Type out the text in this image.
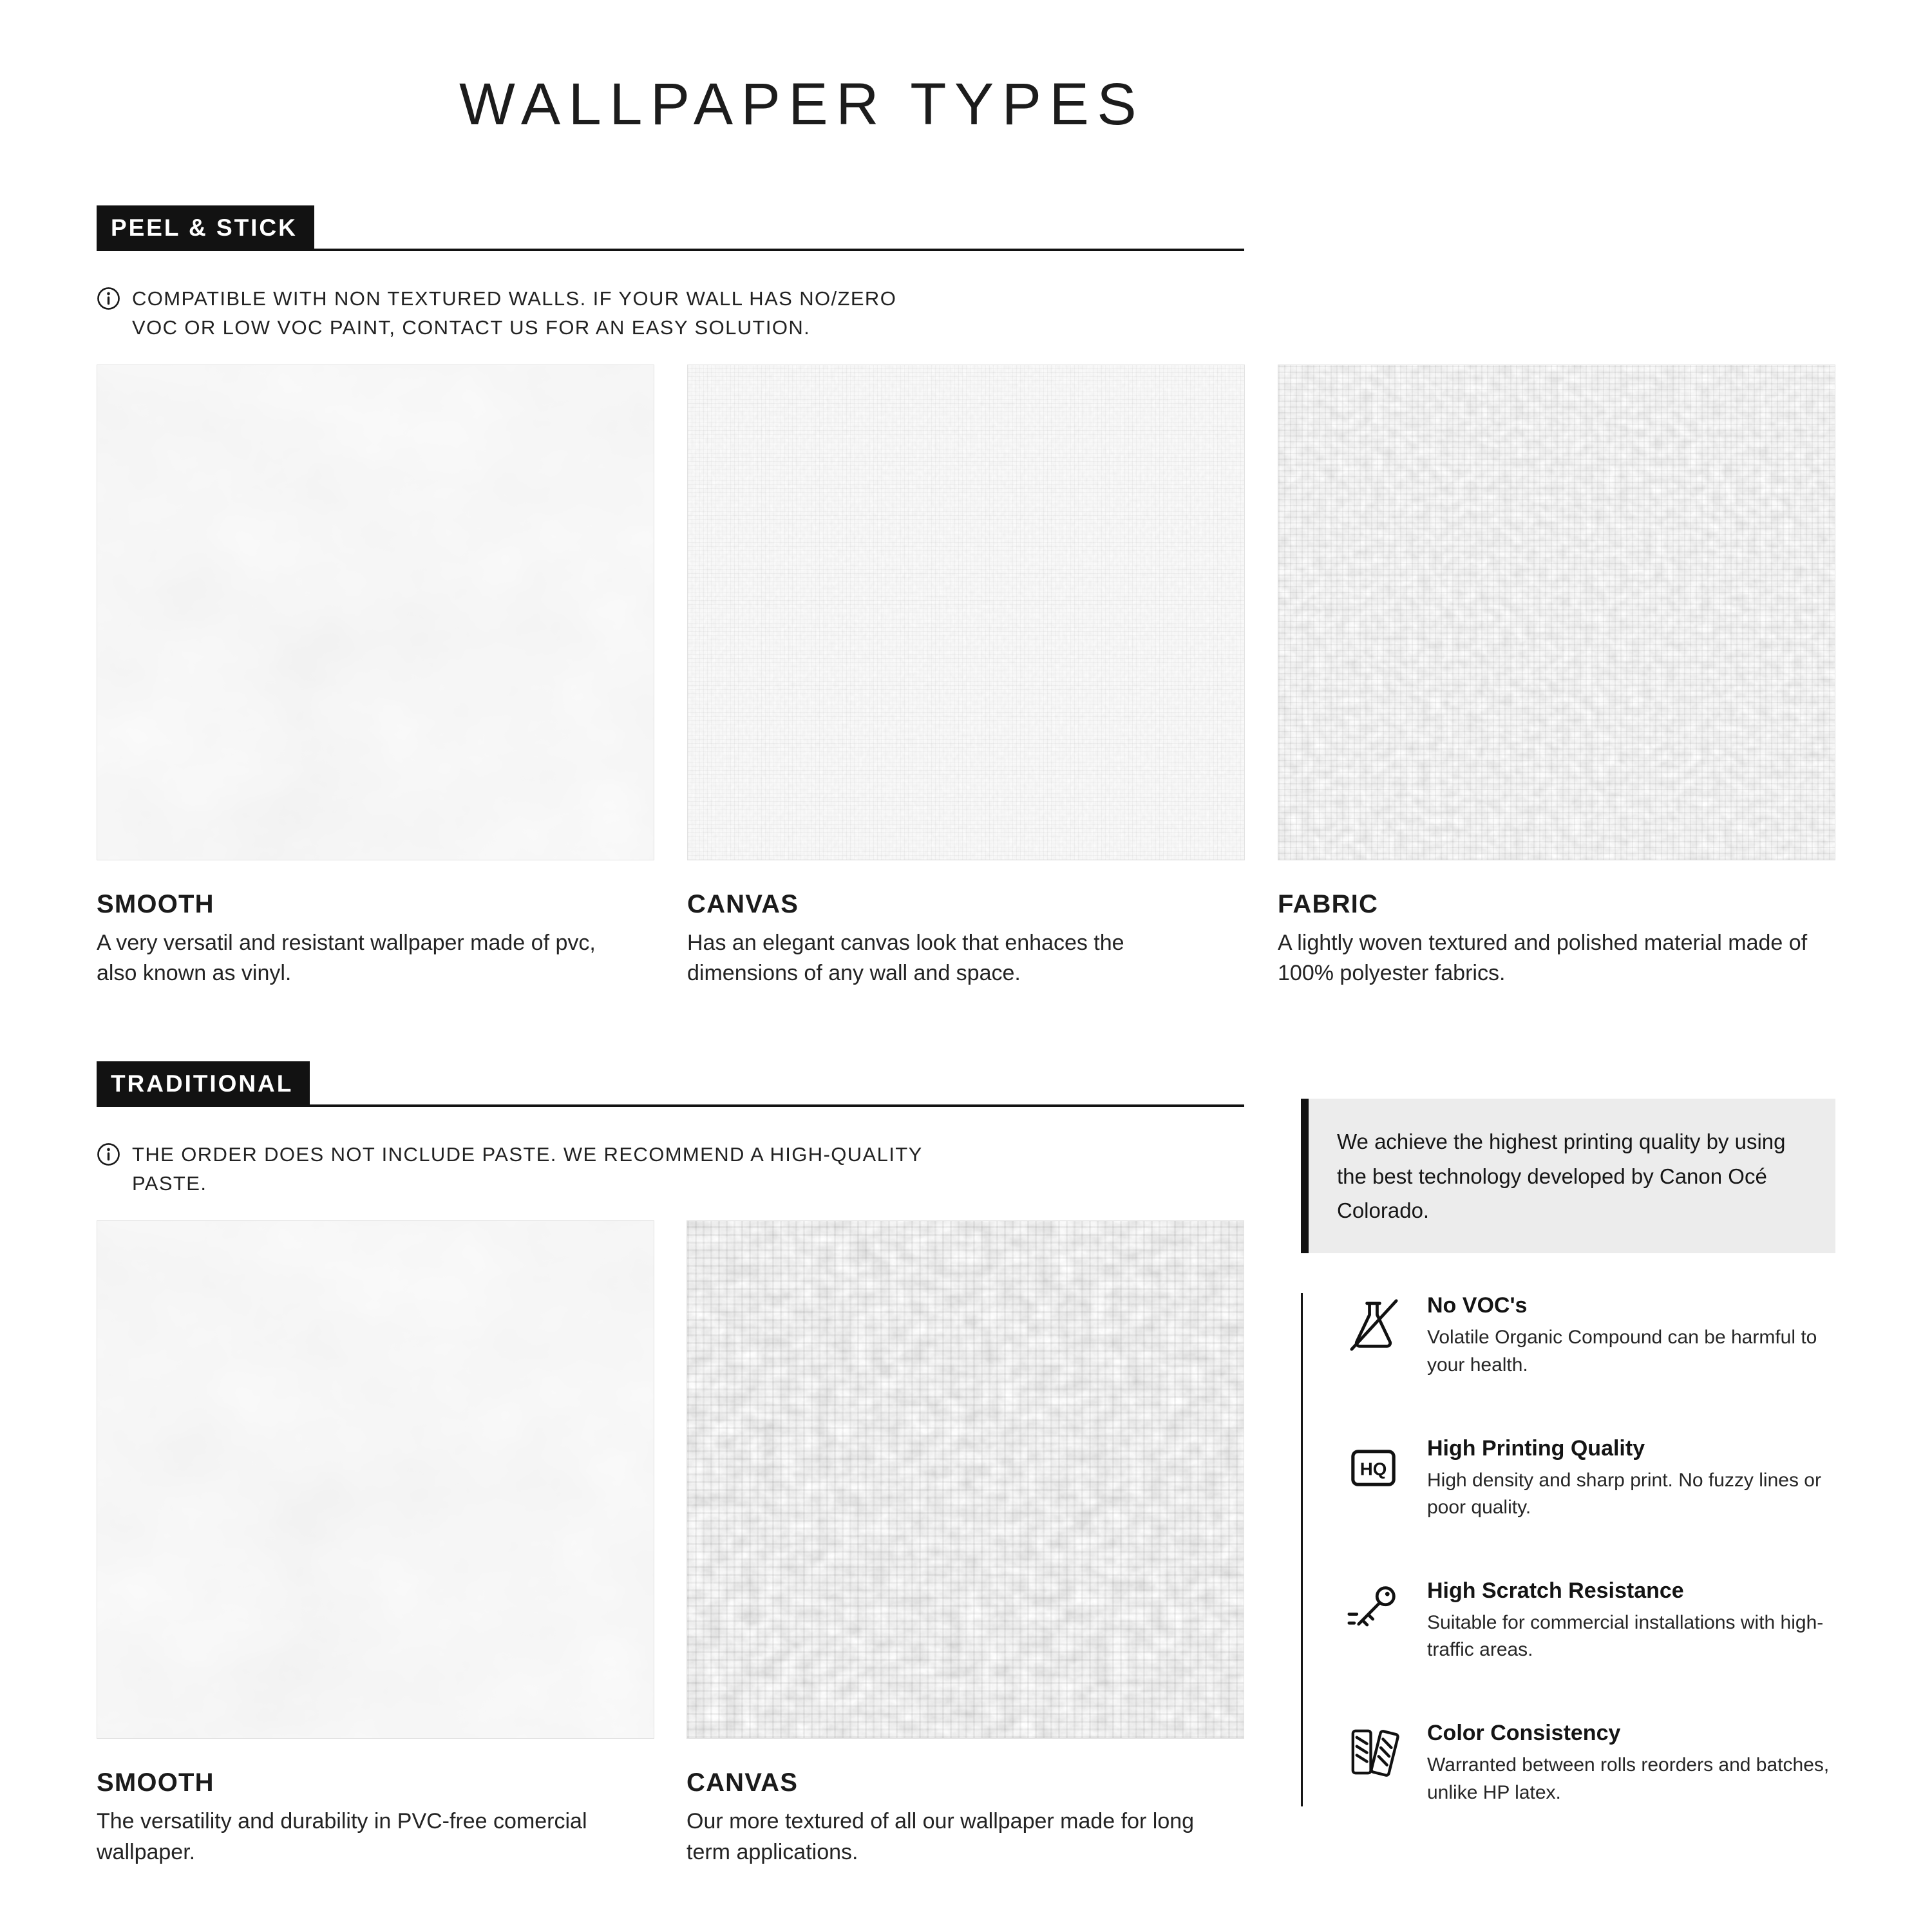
WALLPAPER TYPES
PEEL & STICK
COMPATIBLE WITH NON TEXTURED WALLS. IF YOUR WALL HAS NO/ZERO VOC OR LOW VOC PAINT, CONTACT US FOR AN EASY SOLUTION.
SMOOTH
A very versatil and resistant wallpaper made of pvc, also known as vinyl.
CANVAS
Has an elegant canvas look that enhaces the dimensions of any wall and space.
FABRIC
A lightly woven textured and polished material made of 100% polyester fabrics.
TRADITIONAL
THE ORDER DOES NOT INCLUDE PASTE. WE RECOMMEND A HIGH-QUALITY PASTE.
SMOOTH
The versatility and durability in PVC-free comercial wallpaper.
CANVAS
Our more textured of all our wallpaper made for long term applications.
We achieve the highest printing quality by using the best technology developed by Canon Océ Colorado.
No VOC's
Volatile Organic Compound can be harmful to your health.
HQ
High Printing Quality
High density and sharp print. No fuzzy lines or poor quality.
High Scratch Resistance
Suitable for commercial installations with high-traffic areas.
Color Consistency
Warranted between rolls reorders and batches, unlike HP latex.
